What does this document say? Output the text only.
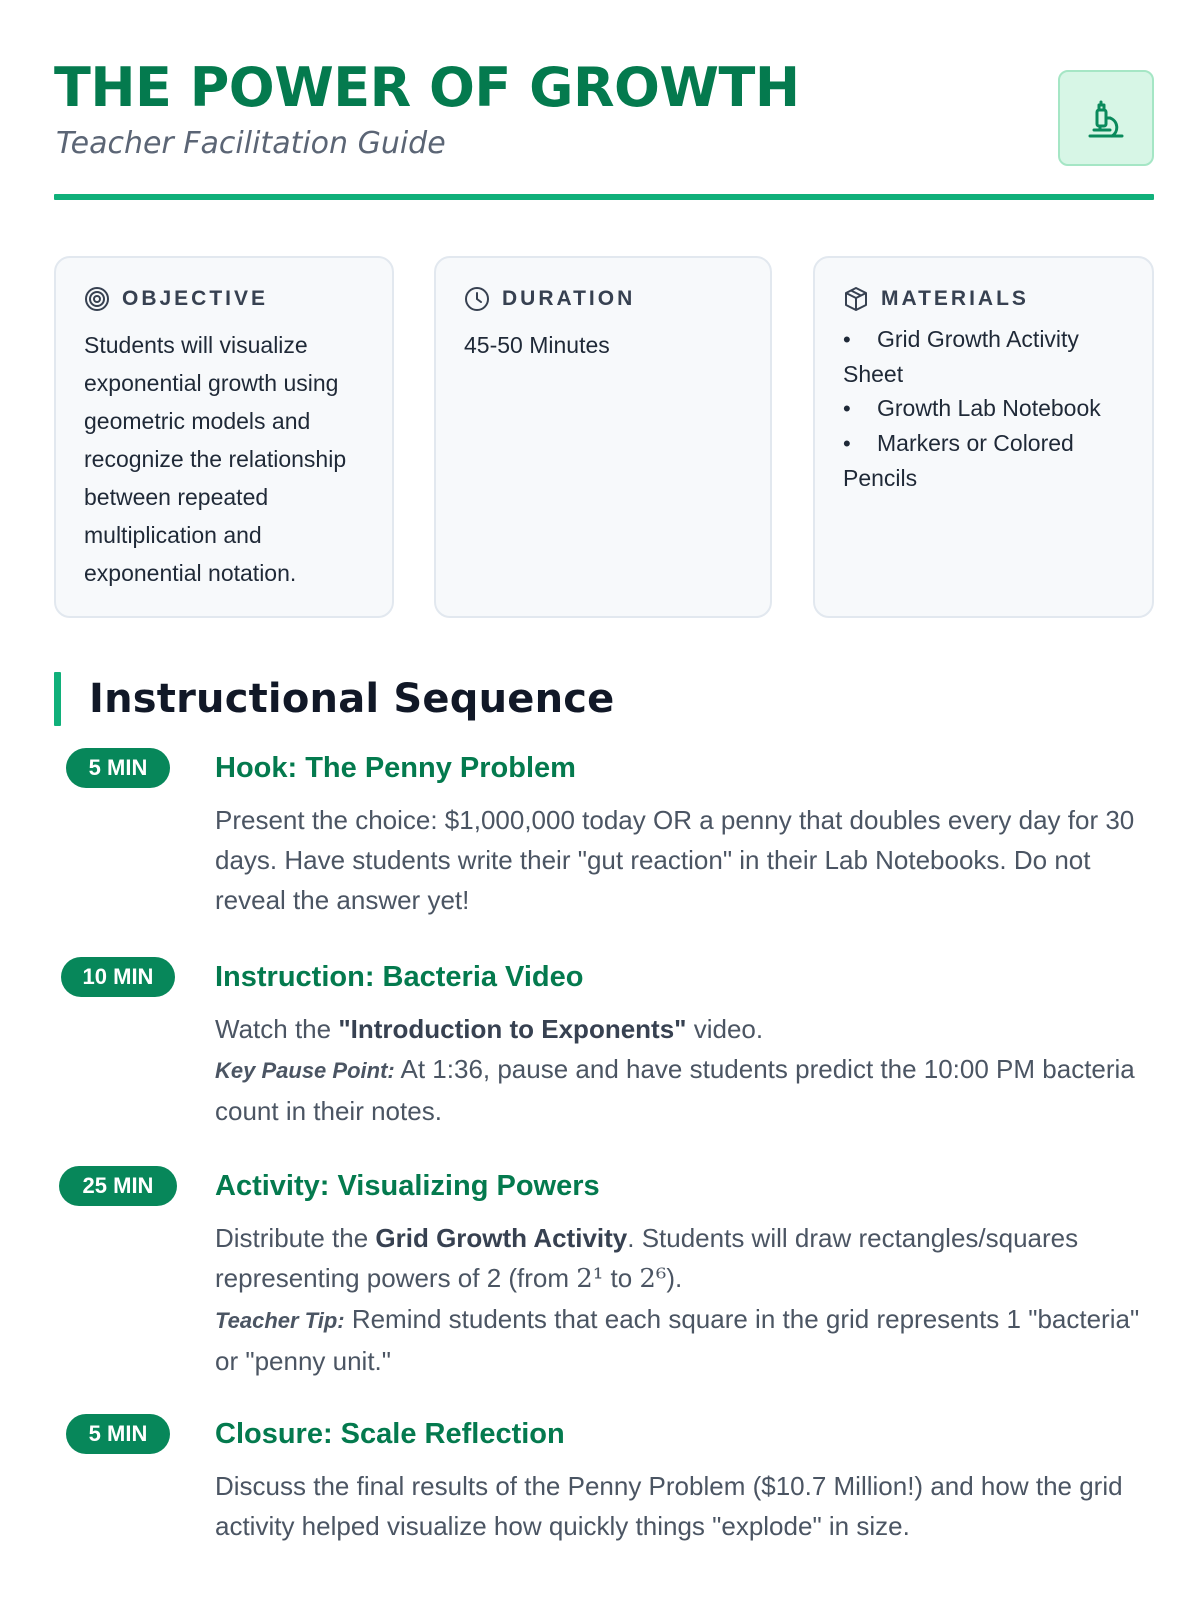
THE POWER OF GROWTH
Teacher Facilitation Guide
OBJECTIVE
Students will visualize exponential growth using geometric models and recognize the relationship between repeated multiplication and exponential notation.
DURATION
45-50 Minutes
MATERIALS
• Grid Growth Activity Sheet
• Growth Lab Notebook
• Markers or Colored Pencils
Instructional Sequence
5 MIN	Hook: The Penny Problem
Present the choice: $1,000,000 today OR a penny that doubles every day for 30 days. Have students write their "gut reaction" in their Lab Notebooks. Do not reveal the answer yet!
10 MIN	Instruction: Bacteria Video
Watch the "Introduction to Exponents" video.
Key Pause Point: At 1:36, pause and have students predict the 10:00 PM bacteria count in their notes.
25 MIN	Activity: Visualizing Powers
Distribute the Grid Growth Activity. Students will draw rectangles/squares representing powers of 2 (from 2¹ to 2⁶).
Teacher Tip: Remind students that each square in the grid represents 1 "bacteria" or "penny unit."
5 MIN	Closure: Scale Reflection
Discuss the final results of the Penny Problem ($10.7 Million!) and how the grid activity helped visualize how quickly things "explode" in size.
